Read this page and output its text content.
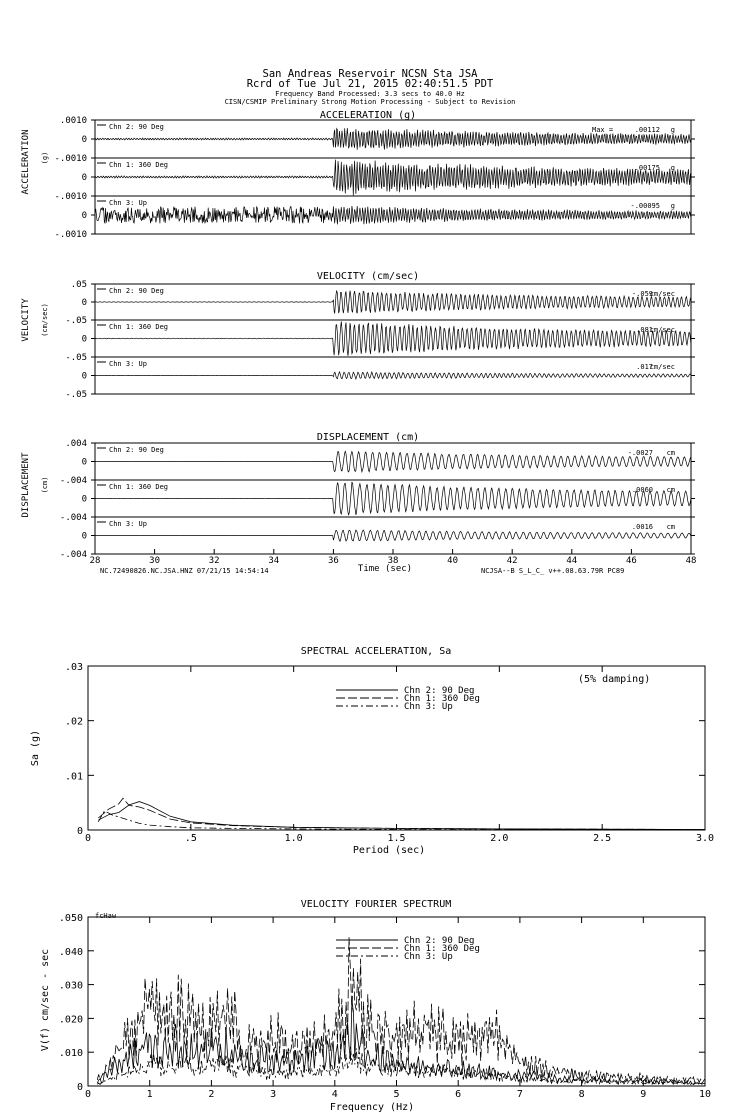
San Andreas Reservoir NCSN Sta JSA
Rcrd of Tue Jul 21, 2015 02:40:51.5 PDT
Frequency Band Processed: 3.3 secs to 40.0 Hz
CISN/CSMIP Preliminary Strong Motion Processing - Subject to Revision
ACCELERATION (g)
VELOCITY (cm/sec)
DISPLACEMENT (cm)
ACCELERATION (g)
VELOCITY (cm/sec)
DISPLACEMENT (cm)
Time (sec)
NC.72490826.NC.JSA.HNZ 07/21/15 14:54:14	NCJSA--B S_L_C_ v++.08.63.79R PC89
SPECTRAL ACCELERATION, Sa
(5% damping)
Period (sec)
Sa (g)
VELOCITY FOURIER SPECTRUM
fcHaw
Frequency (Hz)
V(f) cm/sec - sec
.0010
0
-.0010
Chn 2: 90 Deg	Max =	.00112 g
0
-.0010
Chn 1: 360 Deg	.00175 g
0
-.0010
Chn 3: Up	-.00095 g
.05
0
-.05
Chn 2: 90 Deg	-.059
cm/sec
0
-.05
Chn 1: 360 Deg	.081
cm/sec
0
-.05
Chn 3: Up	.017
cm/sec
.004
0
-.004
Chn 2: 90 Deg	-.0027 cm
0
-.004
Chn 1: 360 Deg	.0060 cm
0
-.004
Chn 3: Up	.0016 cm
28	30	32	34	36	38	40	42	44	46	48
0	.5	1.0	1.5	2.0	2.5	3.0
0
.01
.02
.03
Chn 2: 90 Deg
Chn 1: 360 Deg
Chn 3: Up
0	1	2	3	4	5	6	7	8	9	10
0
.010
.020
.030
.040
.050
Chn 2: 90 Deg
Chn 1: 360 Deg
Chn 3: Up
